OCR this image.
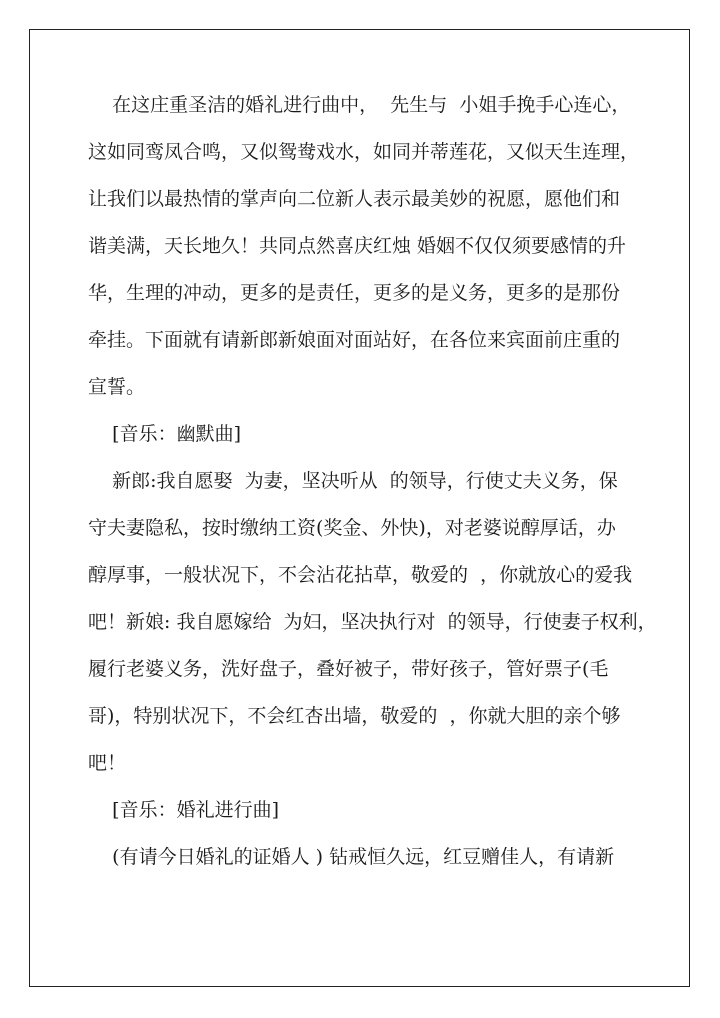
在这庄重圣洁的婚礼进行曲中，  先生与  小姐手挽手心连心，
这如同鸾凤合鸣，又似鸳鸯戏水，如同并蒂莲花，又似天生连理，
让我们以最热情的掌声向二位新人表示最美妙的祝愿，愿他们和
谐美满，天长地久！共同点然喜庆红烛 婚姻不仅仅须要感情的升
华，生理的冲动，更多的是责任，更多的是义务，更多的是那份
牵挂。下面就有请新郎新娘面对面站好，在各位来宾面前庄重的
宣誓。
[音乐：幽默曲]
新郎:我自愿娶  为妻，坚决听从  的领导，行使丈夫义务，保
守夫妻隐私，按时缴纳工资(奖金、外快)，对老婆说醇厚话，办
醇厚事，一般状况下，不会沾花拈草，敬爱的  ，你就放心的爱我
吧！新娘: 我自愿嫁给  为妇，坚决执行对  的领导，行使妻子权利，
履行老婆义务，洗好盘子，叠好被子，带好孩子，管好票子(毛
哥)，特别状况下，不会红杏出墙，敬爱的  ，你就大胆的亲个够
吧！
[音乐：婚礼进行曲]
(有请今日婚礼的证婚人 ) 钻戒恒久远，红豆赠佳人，有请新
